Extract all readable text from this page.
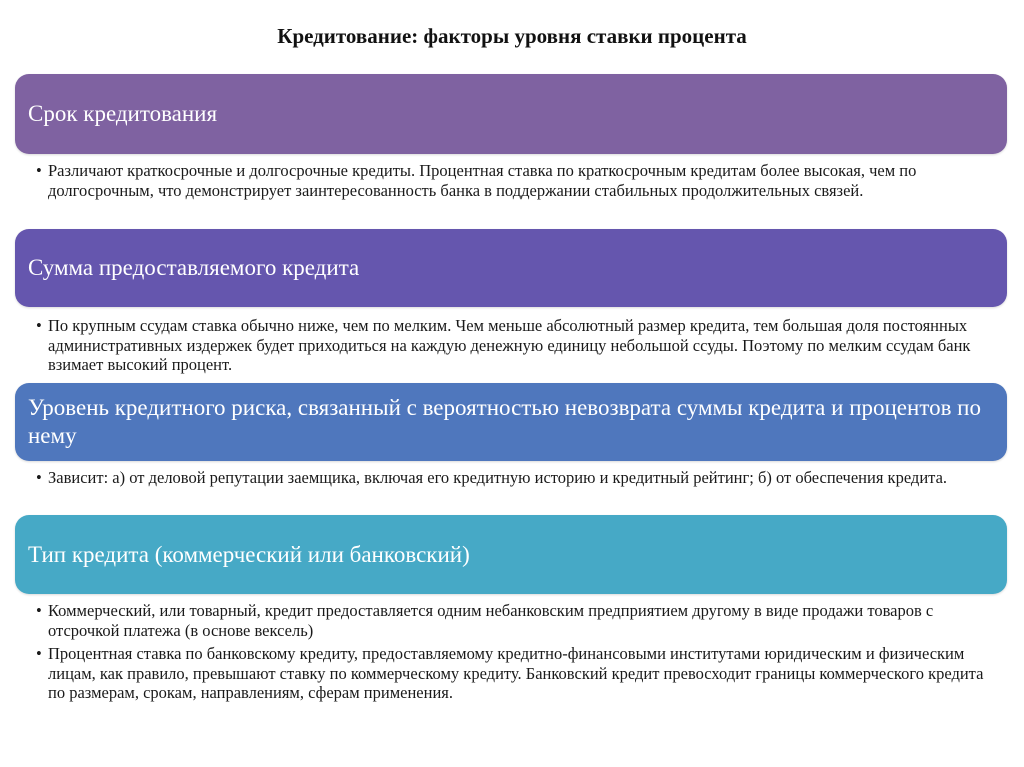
Кредитование: факторы уровня ставки процента
Срок кредитования
• Различают краткосрочные и долгосрочные кредиты. Процентная ставка по краткосрочным кредитам более высокая, чем по долгосрочным, что демонстрирует заинтересованность банка в поддержании стабильных продолжительных связей.
Сумма предоставляемого кредита
• По крупным ссудам ставка обычно ниже, чем по мелким. Чем меньше абсолютный размер кредита, тем большая доля постоянных административных издержек будет приходиться на каждую денежную единицу небольшой ссуды. Поэтому по мелким ссудам банк взимает высокий процент.
Уровень кредитного риска, связанный с вероятностью невозврата суммы кредита и процентов по нему
• Зависит: а) от деловой репутации заемщика, включая его кредитную историю и кредитный рейтинг; б) от обеспечения кредита.
Тип кредита (коммерческий или банковский)
• Коммерческий, или товарный, кредит предоставляется одним небанковским предприятием другому в виде продажи товаров с отсрочкой платежа (в основе вексель)
• Процентная ставка по банковскому кредиту, предоставляемому кредитно-финансовыми институтами юридическим и физическим лицам, как правило, превышают ставку по коммерческому кредиту. Банковский кредит превосходит границы коммерческого кредита по размерам, срокам, направлениям, сферам применения.
